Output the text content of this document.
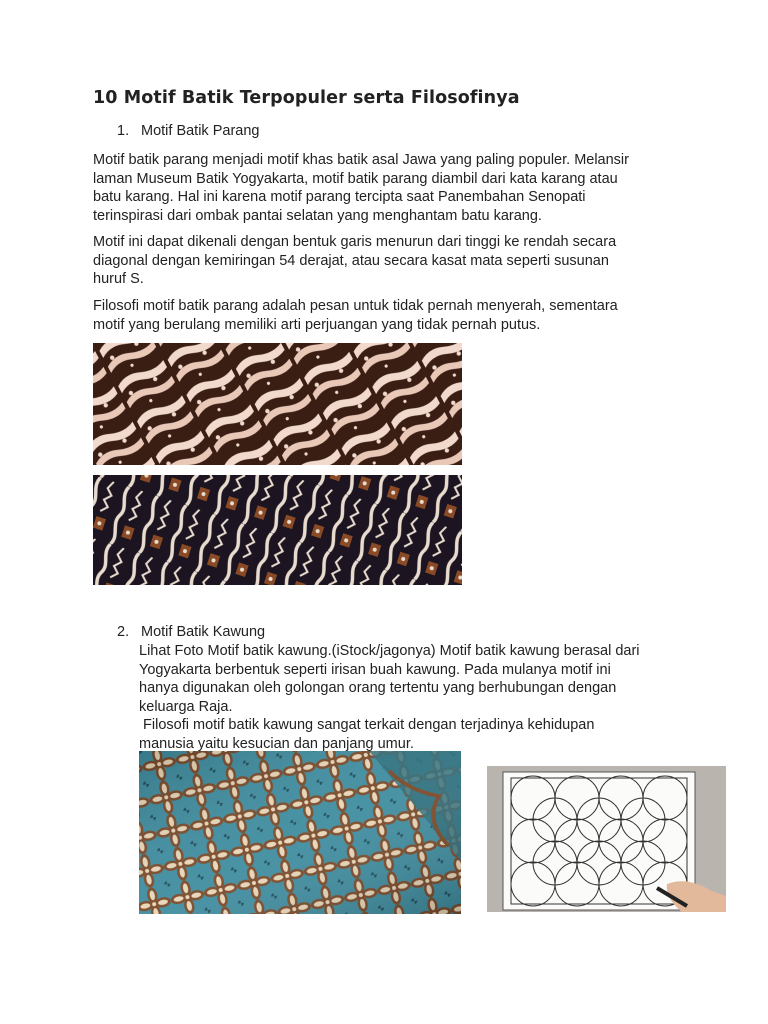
10 Motif Batik Terpopuler serta Filosofinya
1. Motif Batik Parang

Motif batik parang menjadi motif khas batik asal Jawa yang paling populer. Melansir
laman Museum Batik Yogyakarta, motif batik parang diambil dari kata karang atau
batu karang. Hal ini karena motif parang tercipta saat Panembahan Senopati
terinspirasi dari ombak pantai selatan yang menghantam batu karang.

Motif ini dapat dikenali dengan bentuk garis menurun dari tinggi ke rendah secara
diagonal dengan kemiringan 54 derajat, atau secara kasat mata seperti susunan
huruf S.

Filosofi motif batik parang adalah pesan untuk tidak pernah menyerah, sementara
motif yang berulang memiliki arti perjuangan yang tidak pernah putus.

2. Motif Batik Kawung
Lihat Foto Motif batik kawung.(iStock/jagonya) Motif batik kawung berasal dari
Yogyakarta berbentuk seperti irisan buah kawung. Pada mulanya motif ini
hanya digunakan oleh golongan orang tertentu yang berhubungan dengan
keluarga Raja.
Filosofi motif batik kawung sangat terkait dengan terjadinya kehidupan
manusia yaitu kesucian dan panjang umur.
